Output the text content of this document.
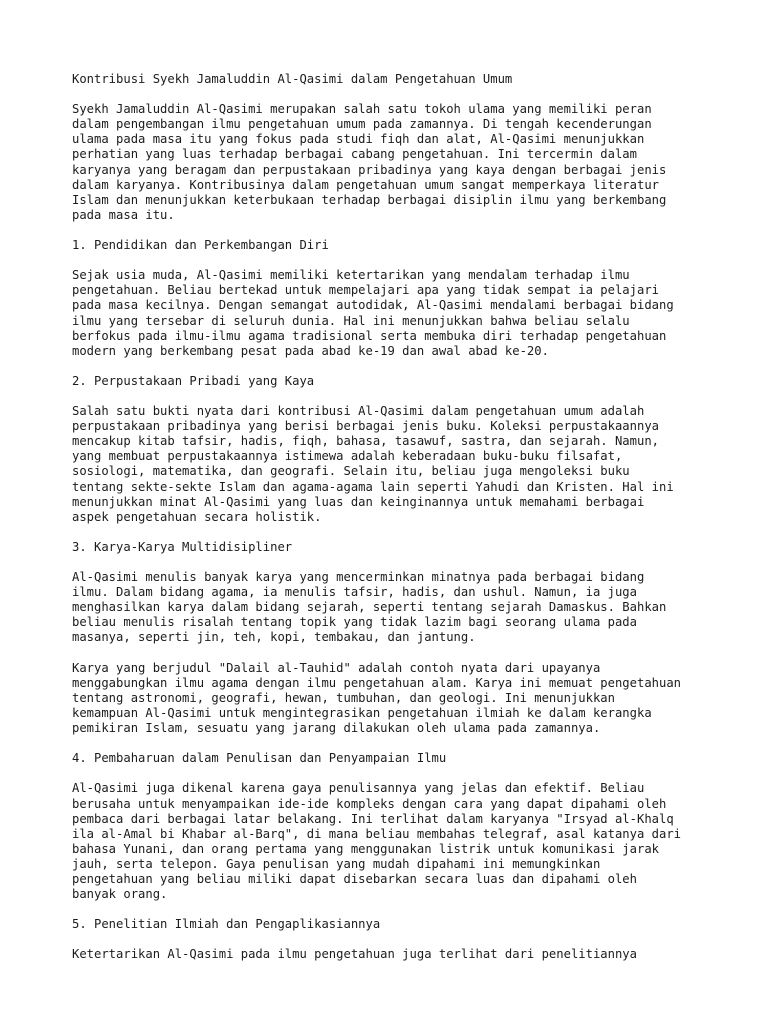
Kontribusi Syekh Jamaluddin Al-Qasimi dalam Pengetahuan Umum
Syekh Jamaluddin Al-Qasimi merupakan salah satu tokoh ulama yang memiliki peran
dalam pengembangan ilmu pengetahuan umum pada zamannya. Di tengah kecenderungan
ulama pada masa itu yang fokus pada studi fiqh dan alat, Al-Qasimi menunjukkan
perhatian yang luas terhadap berbagai cabang pengetahuan. Ini tercermin dalam
karyanya yang beragam dan perpustakaan pribadinya yang kaya dengan berbagai jenis
dalam karyanya. Kontribusinya dalam pengetahuan umum sangat memperkaya literatur
Islam dan menunjukkan keterbukaan terhadap berbagai disiplin ilmu yang berkembang
pada masa itu.
1. Pendidikan dan Perkembangan Diri
Sejak usia muda, Al-Qasimi memiliki ketertarikan yang mendalam terhadap ilmu
pengetahuan. Beliau bertekad untuk mempelajari apa yang tidak sempat ia pelajari
pada masa kecilnya. Dengan semangat autodidak, Al-Qasimi mendalami berbagai bidang
ilmu yang tersebar di seluruh dunia. Hal ini menunjukkan bahwa beliau selalu
berfokus pada ilmu-ilmu agama tradisional serta membuka diri terhadap pengetahuan
modern yang berkembang pesat pada abad ke-19 dan awal abad ke-20.
2. Perpustakaan Pribadi yang Kaya
Salah satu bukti nyata dari kontribusi Al-Qasimi dalam pengetahuan umum adalah
perpustakaan pribadinya yang berisi berbagai jenis buku. Koleksi perpustakaannya
mencakup kitab tafsir, hadis, fiqh, bahasa, tasawuf, sastra, dan sejarah. Namun,
yang membuat perpustakaannya istimewa adalah keberadaan buku-buku filsafat,
sosiologi, matematika, dan geografi. Selain itu, beliau juga mengoleksi buku
tentang sekte-sekte Islam dan agama-agama lain seperti Yahudi dan Kristen. Hal ini
menunjukkan minat Al-Qasimi yang luas dan keinginannya untuk memahami berbagai
aspek pengetahuan secara holistik.
3. Karya-Karya Multidisipliner
Al-Qasimi menulis banyak karya yang mencerminkan minatnya pada berbagai bidang
ilmu. Dalam bidang agama, ia menulis tafsir, hadis, dan ushul. Namun, ia juga
menghasilkan karya dalam bidang sejarah, seperti tentang sejarah Damaskus. Bahkan
beliau menulis risalah tentang topik yang tidak lazim bagi seorang ulama pada
masanya, seperti jin, teh, kopi, tembakau, dan jantung.
Karya yang berjudul "Dalail al-Tauhid" adalah contoh nyata dari upayanya
menggabungkan ilmu agama dengan ilmu pengetahuan alam. Karya ini memuat pengetahuan
tentang astronomi, geografi, hewan, tumbuhan, dan geologi. Ini menunjukkan
kemampuan Al-Qasimi untuk mengintegrasikan pengetahuan ilmiah ke dalam kerangka
pemikiran Islam, sesuatu yang jarang dilakukan oleh ulama pada zamannya.
4. Pembaharuan dalam Penulisan dan Penyampaian Ilmu
Al-Qasimi juga dikenal karena gaya penulisannya yang jelas dan efektif. Beliau
berusaha untuk menyampaikan ide-ide kompleks dengan cara yang dapat dipahami oleh
pembaca dari berbagai latar belakang. Ini terlihat dalam karyanya "Irsyad al-Khalq
ila al-Amal bi Khabar al-Barq", di mana beliau membahas telegraf, asal katanya dari
bahasa Yunani, dan orang pertama yang menggunakan listrik untuk komunikasi jarak
jauh, serta telepon. Gaya penulisan yang mudah dipahami ini memungkinkan
pengetahuan yang beliau miliki dapat disebarkan secara luas dan dipahami oleh
banyak orang.
5. Penelitian Ilmiah dan Pengaplikasiannya
Ketertarikan Al-Qasimi pada ilmu pengetahuan juga terlihat dari penelitiannya
